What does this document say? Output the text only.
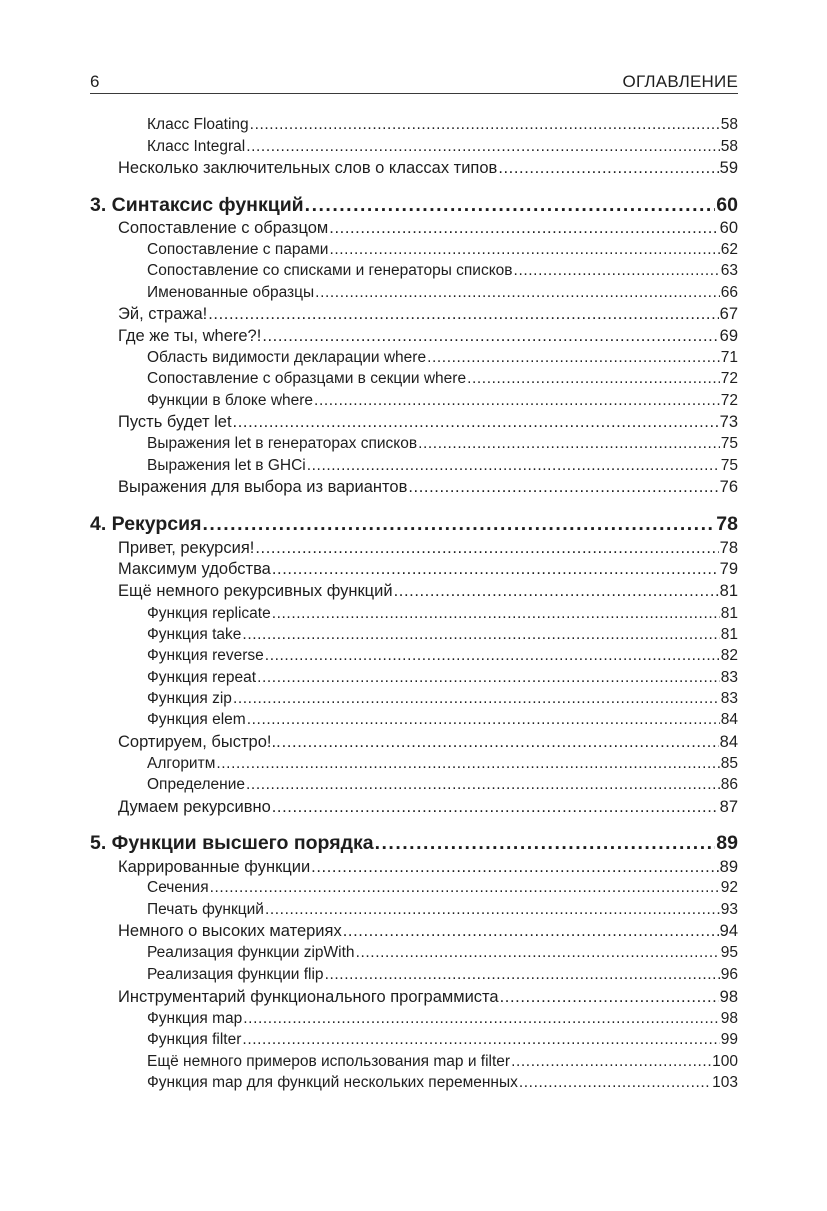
6	ОГЛАВЛЕНИЕ
Класс Floating .....	58
Класс Integral .....	58
Несколько заключительных слов о классах типов .....	59
3. Синтаксис функций .....	60
Сопоставление с образцом .....	60
Сопоставление с парами .....	62
Сопоставление со списками и генераторы списков .....	63
Именованные образцы .....	66
Эй, стража! .....	67
Где же ты, where?! .....	69
Область видимости декларации where .....	71
Сопоставление с образцами в секции where .....	72
Функции в блоке where .....	72
Пусть будет let .....	73
Выражения let в генераторах списков .....	75
Выражения let в GHCi .....	75
Выражения для выбора из вариантов .....	76
4. Рекурсия .....	78
Привет, рекурсия! .....	78
Максимум удобства .....	79
Ещё немного рекурсивных функций .....	81
Функция replicate .....	81
Функция take .....	81
Функция reverse .....	82
Функция repeat .....	83
Функция zip .....	83
Функция elem .....	84
Сортируем, быстро!.. .....	84
Алгоритм .....	85
Определение .....	86
Думаем рекурсивно .....	87
5. Функции высшего порядка .....	89
Каррированные функции .....	89
Сечения .....	92
Печать функций .....	93
Немного о высоких материях .....	94
Реализация функции zipWith .....	95
Реализация функции flip .....	96
Инструментарий функционального программиста .....	98
Функция map .....	98
Функция filter .....	99
Ещё немного примеров использования map и filter .....	100
Функция map для функций нескольких переменных .....	103
